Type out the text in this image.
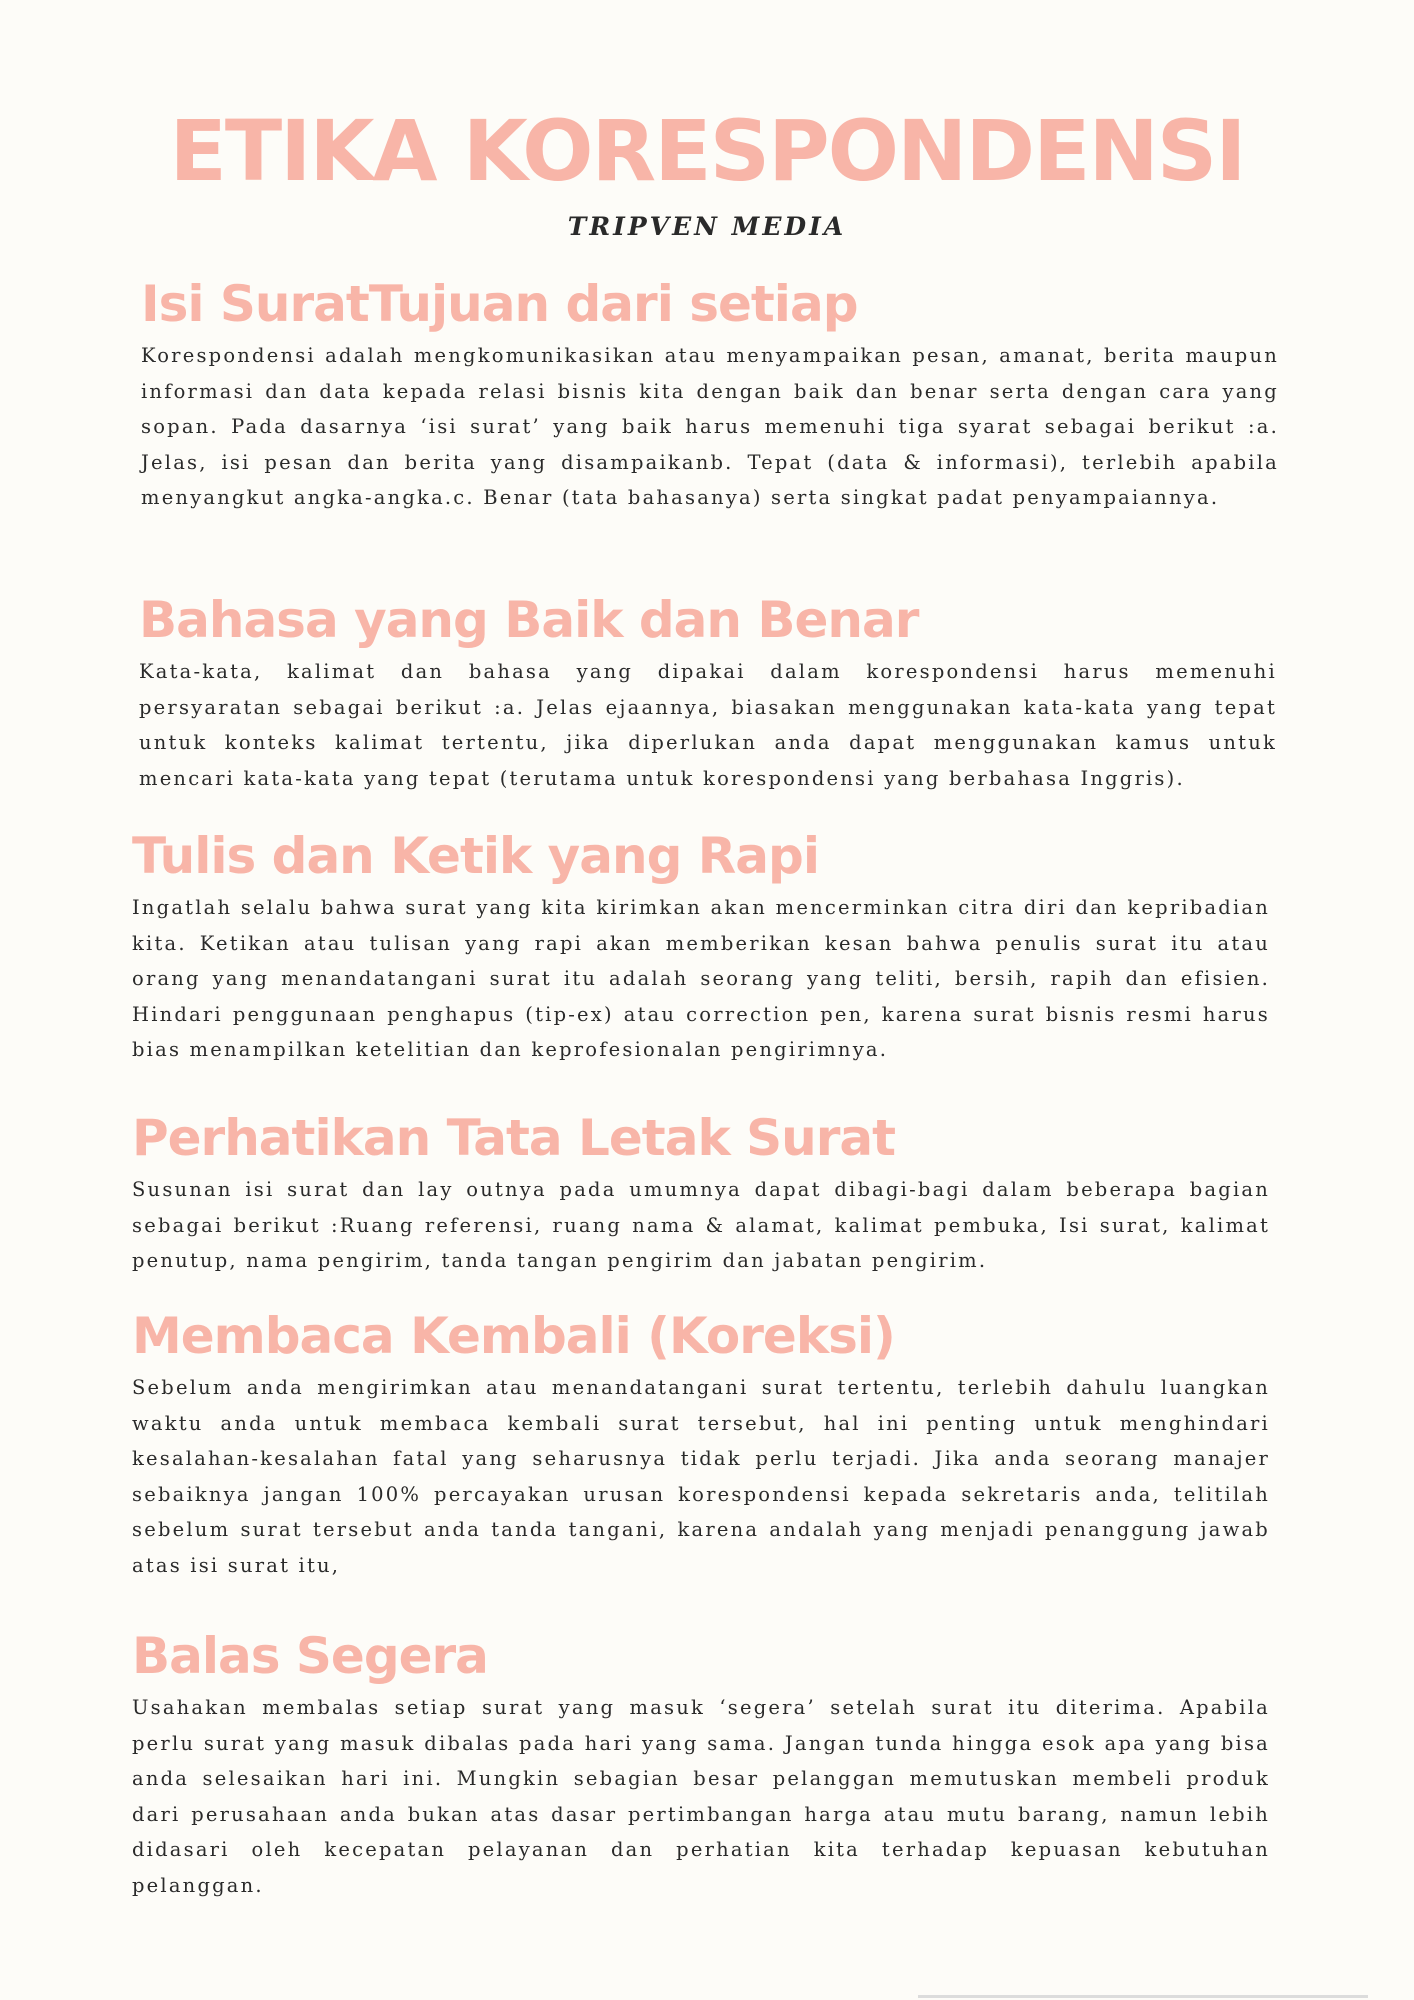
ETIKA KORESPONDENSI
TRIPVEN MEDIA
Isi SuratTujuan dari setiap

Korespondensi adalah mengkomunikasikan atau menyampaikan pesan, amanat, berita maupun informasi dan data kepada relasi bisnis kita dengan baik dan benar serta dengan cara yang sopan. Pada dasarnya ‘isi surat’ yang baik harus memenuhi tiga syarat sebagai berikut :a. Jelas, isi pesan dan berita yang disampaikanb. Tepat (data & informasi), terlebih apabila menyangkut angka-angka.c. Benar (tata bahasanya) serta singkat padat penyampaiannya.

Bahasa yang Baik dan Benar

Kata-kata, kalimat dan bahasa yang dipakai dalam korespondensi harus memenuhi persyaratan sebagai berikut :a. Jelas ejaannya, biasakan menggunakan kata-kata yang tepat untuk konteks kalimat tertentu, jika diperlukan anda dapat menggunakan kamus untuk mencari kata-kata yang tepat (terutama untuk korespondensi yang berbahasa Inggris).

Tulis dan Ketik yang Rapi

Ingatlah selalu bahwa surat yang kita kirimkan akan mencerminkan citra diri dan kepribadian kita. Ketikan atau tulisan yang rapi akan memberikan kesan bahwa penulis surat itu atau orang yang menandatangani surat itu adalah seorang yang teliti, bersih, rapih dan efisien. Hindari penggunaan penghapus (tip-ex) atau correction pen, karena surat bisnis resmi harus bias menampilkan ketelitian dan keprofesionalan pengirimnya.

Perhatikan Tata Letak Surat

Susunan isi surat dan lay outnya pada umumnya dapat dibagi-bagi dalam beberapa bagian sebagai berikut :Ruang referensi, ruang nama & alamat, kalimat pembuka, Isi surat, kalimat penutup, nama pengirim, tanda tangan pengirim dan jabatan pengirim.

Membaca Kembali (Koreksi)

Sebelum anda mengirimkan atau menandatangani surat tertentu, terlebih dahulu luangkan waktu anda untuk membaca kembali surat tersebut, hal ini penting untuk menghindari kesalahan-kesalahan fatal yang seharusnya tidak perlu terjadi. Jika anda seorang manajer sebaiknya jangan 100% percayakan urusan korespondensi kepada sekretaris anda, telitilah sebelum surat tersebut anda tanda tangani, karena andalah yang menjadi penanggung jawab atas isi surat itu,

Balas Segera

Usahakan membalas setiap surat yang masuk ‘segera’ setelah surat itu diterima. Apabila perlu surat yang masuk dibalas pada hari yang sama. Jangan tunda hingga esok apa yang bisa anda selesaikan hari ini. Mungkin sebagian besar pelanggan memutuskan membeli produk dari perusahaan anda bukan atas dasar pertimbangan harga atau mutu barang, namun lebih didasari oleh kecepatan pelayanan dan perhatian kita terhadap kepuasan kebutuhan pelanggan.
